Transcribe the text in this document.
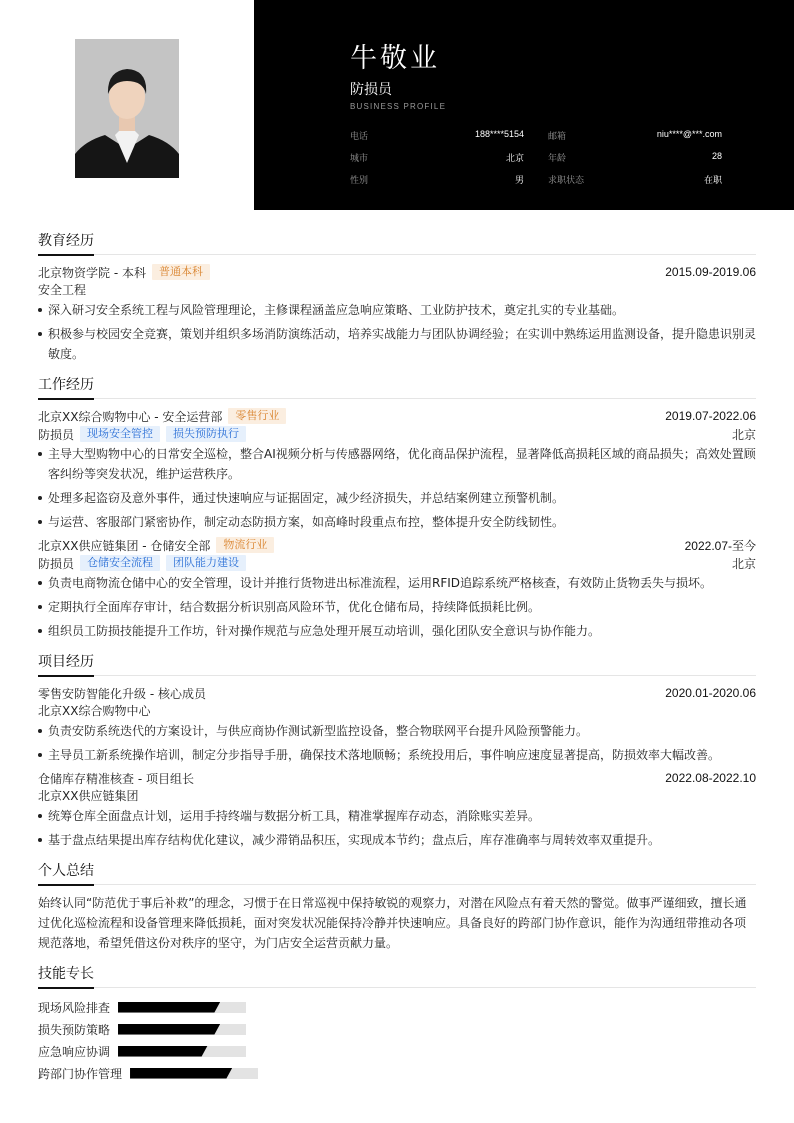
牛敬业
防损员
BUSINESS PROFILE
电话	188****5154	邮箱	niu****@***.com
城市	北京	年龄	28
性别	男	求职状态	在职
教育经历
北京物资学院 - 本科	普通本科	2015.09-2019.06
安全工程
深入研习安全系统工程与风险管理理论，主修课程涵盖应急响应策略、工业防护技术，奠定扎实的专业基础。
积极参与校园安全竞赛，策划并组织多场消防演练活动，培养实战能力与团队协调经验；在实训中熟练运用监测设备，提升隐患识别灵敏度。
工作经历
北京XX综合购物中心 - 安全运营部	零售行业	2019.07-2022.06
防损员	现场安全管控	损失预防执行	北京
主导大型购物中心的日常安全巡检，整合AI视频分析与传感器网络，优化商品保护流程，显著降低高损耗区域的商品损失；高效处置顾客纠纷等突发状况，维护运营秩序。
处理多起盗窃及意外事件，通过快速响应与证据固定，减少经济损失，并总结案例建立预警机制。
与运营、客服部门紧密协作，制定动态防损方案，如高峰时段重点布控，整体提升安全防线韧性。
北京XX供应链集团 - 仓储安全部	物流行业	2022.07-至今
防损员	仓储安全流程	团队能力建设	北京
负责电商物流仓储中心的安全管理，设计并推行货物进出标准流程，运用RFID追踪系统严格核查，有效防止货物丢失与损坏。
定期执行全面库存审计，结合数据分析识别高风险环节，优化仓储布局，持续降低损耗比例。
组织员工防损技能提升工作坊，针对操作规范与应急处理开展互动培训，强化团队安全意识与协作能力。
项目经历
零售安防智能化升级 - 核心成员	2020.01-2020.06
北京XX综合购物中心
负责安防系统迭代的方案设计，与供应商协作测试新型监控设备，整合物联网平台提升风险预警能力。
主导员工新系统操作培训，制定分步指导手册，确保技术落地顺畅；系统投用后，事件响应速度显著提高，防损效率大幅改善。
仓储库存精准核查 - 项目组长	2022.08-2022.10
北京XX供应链集团
统筹仓库全面盘点计划，运用手持终端与数据分析工具，精准掌握库存动态，消除账实差异。
基于盘点结果提出库存结构优化建议，减少滞销品积压，实现成本节约；盘点后，库存准确率与周转效率双重提升。
个人总结
始终认同“防范优于事后补救”的理念，习惯于在日常巡视中保持敏锐的观察力，对潜在风险点有着天然的警觉。做事严谨细致，擅长通过优化巡检流程和设备管理来降低损耗，面对突发状况能保持冷静并快速响应。具备良好的跨部门协作意识，能作为沟通纽带推动各项规范落地，希望凭借这份对秩序的坚守，为门店安全运营贡献力量。
技能专长
现场风险排查
损失预防策略
应急响应协调
跨部门协作管理
